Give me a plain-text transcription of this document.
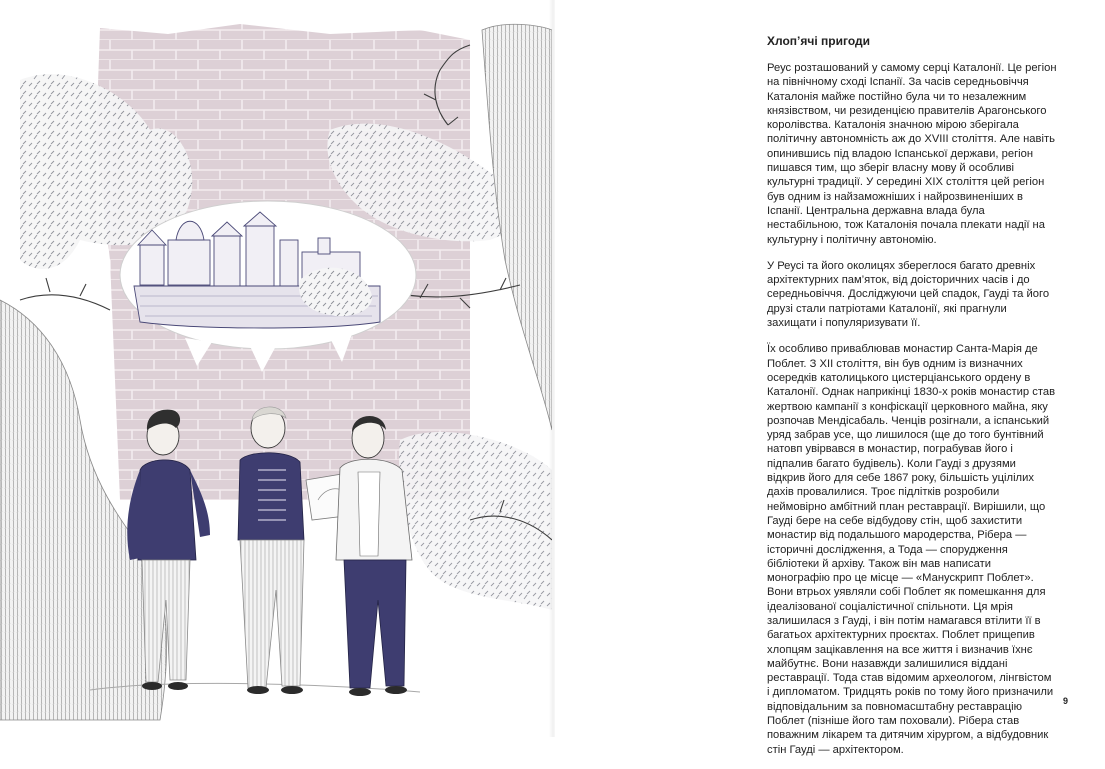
Хлоп’ячі пригоди

Реус розташований у самому серці Каталонії. Це регіон на північному сході Іспанії. За часів середньовіччя Каталонія майже постійно була чи то незалежним князівством, чи резиденцією правителів Арагонського королівства. Каталонія значною мірою зберігала політичну автономність аж до XVIII століття. Але навіть опинившись під владою Іспанської держави, регіон пишався тим, що зберіг власну мову й особливі культурні традиції. У середині XIX століття цей регіон був одним із найзаможніших і найрозвиненіших в Іспанії. Центральна державна влада була нестабільною, тож Каталонія почала плекати надії на культурну і політичну автономію.

У Реусі та його околицях збереглося багато древніх архітектурних пам’яток, від доісторичних часів і до середньовіччя. Досліджуючи цей спадок, Гауді та його друзі стали патріотами Каталонії, які прагнули захищати і популяризувати її.

Їх особливо приваблював монастир Санта-Марія де Поблет. З XII століття, він був одним із визначних осередків католицького цистерціанського ордену в Каталонії. Однак наприкінці 1830-х років монастир став жертвою кампанії з конфіскації церковного майна, яку розпочав Мендісабаль. Ченців розігнали, а іспанський уряд забрав усе, що лишилося (ще до того бунтівний натовп увірвався в монастир, пограбував його і підпалив багато будівель). Коли Гауді з друзями відкрив його для себе 1867 року, більшість уцілілих дахів провалилися. Троє підлітків розробили неймовірно амбітний план реставрації. Вирішили, що Гауді бере на себе відбудову стін, щоб захистити монастир від подальшого мародерства, Рібера — історичні дослідження, а Тода — спорудження бібліотеки й архіву. Також він мав написати монографію про це місце — «Манускрипт Поблет». Вони втрьох уявляли собі Поблет як помешкання для ідеалізованої соціалістичної спільноти. Ця мрія залишилася з Гауді, і він потім намагався втілити її в багатьох архітектурних проєктах. Поблет прищепив хлопцям зацікавлення на все життя і визначив їхнє майбутнє. Вони назавжди залишилися віддані реставрації. Тода став відомим археологом, лінгвістом і дипломатом. Тридцять років по тому його призначили відповідальним за повномасштабну реставрацію Поблет (пізніше його там поховали). Рібера став поважним лікарем та дитячим хірургом, а відбудовник стін Гауді — архітектором.

9
